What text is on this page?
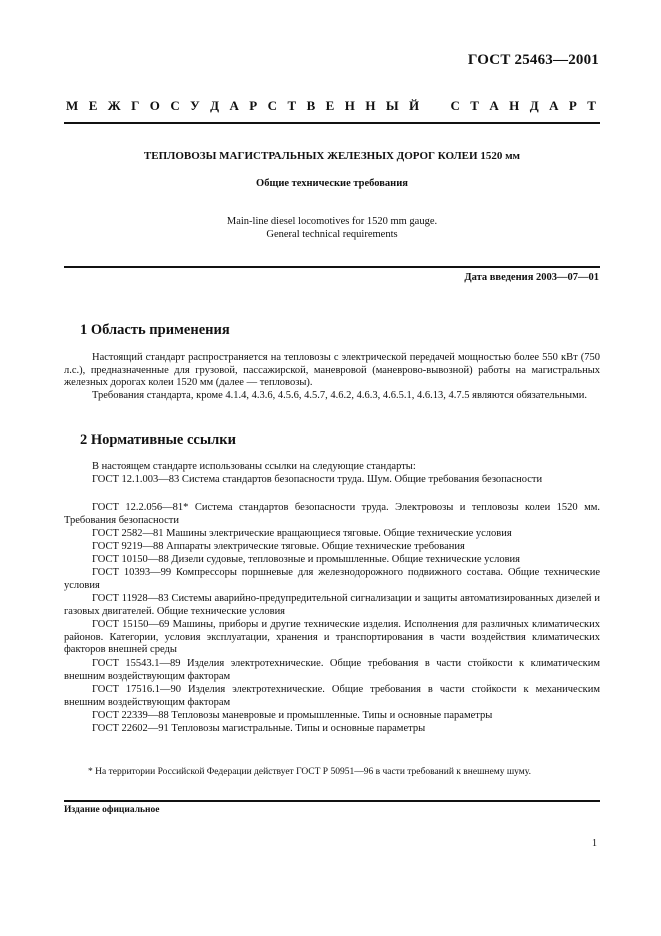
ГОСТ 25463—2001
М Е Ж Г О С У Д А Р С Т В Е Н Н Ы Й С Т А Н Д А Р Т
ТЕПЛОВОЗЫ МАГИСТРАЛЬНЫХ ЖЕЛЕЗНЫХ ДОРОГ КОЛЕИ 1520 мм
Общие технические требования
Main-line diesel locomotives for 1520 mm gauge.
General technical requirements
Дата введения 2003—07—01
1 Область применения

Настоящий стандарт распространяется на тепловозы с электрической передачей мощностью более 550 кВт (750 л.с.), предназначенные для грузовой, пассажирской, маневровой (маневрово-вывозной) работы на магистральных железных дорогах колеи 1520 мм (далее — тепловозы).

Требования стандарта, кроме 4.1.4, 4.3.6, 4.5.6, 4.5.7, 4.6.2, 4.6.3, 4.6.5.1, 4.6.13, 4.7.5 являются обязательными.

2 Нормативные ссылки
В настоящем стандарте использованы ссылки на следующие стандарты:
ГОСТ 12.1.003—83 Система стандартов безопасности труда. Шум. Общие требования безопасности
ГОСТ 12.2.056—81* Система стандартов безопасности труда. Электровозы и тепловозы колеи 1520 мм. Требования безопасности
ГОСТ 2582—81 Машины электрические вращающиеся тяговые. Общие технические условия
ГОСТ 9219—88 Аппараты электрические тяговые. Общие технические требования
ГОСТ 10150—88 Дизели судовые, тепловозные и промышленные. Общие технические условия
ГОСТ 10393—99 Компрессоры поршневые для железнодорожного подвижного состава. Общие технические условия
ГОСТ 11928—83 Системы аварийно-предупредительной сигнализации и защиты автоматизированных дизелей и газовых двигателей. Общие технические условия
ГОСТ 15150—69 Машины, приборы и другие технические изделия. Исполнения для различных климатических районов. Категории, условия эксплуатации, хранения и транспортирования в части воздействия климатических факторов внешней среды
ГОСТ 15543.1—89 Изделия электротехнические. Общие требования в части стойкости к климатическим внешним воздействующим факторам
ГОСТ 17516.1—90 Изделия электротехнические. Общие требования в части стойкости к механическим внешним воздействующим факторам
ГОСТ 22339—88 Тепловозы маневровые и промышленные. Типы и основные параметры
ГОСТ 22602—91 Тепловозы магистральные. Типы и основные параметры
* На территории Российской Федерации действует ГОСТ Р 50951—96 в части требований к внешнему шуму.
Издание официальное
1
